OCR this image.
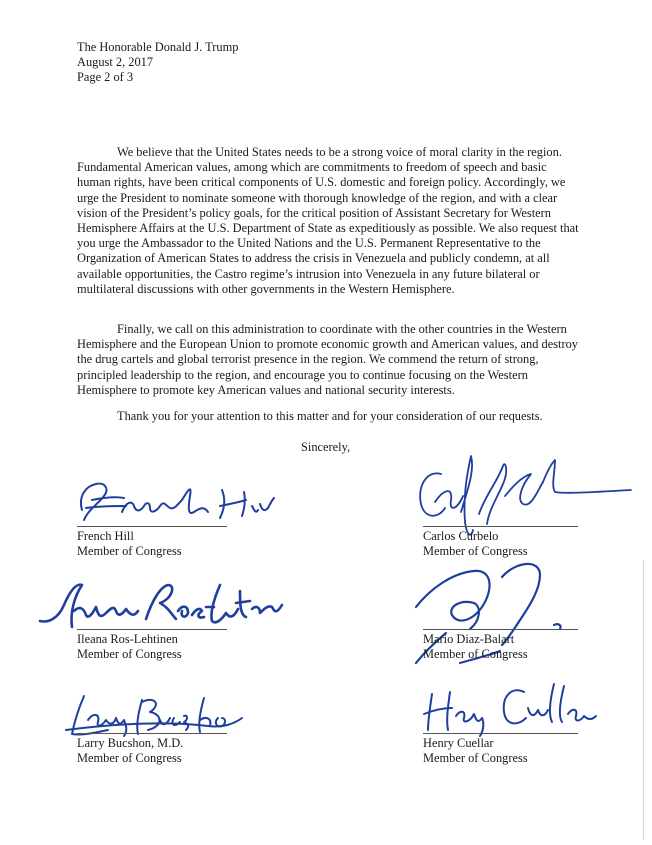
The Honorable Donald J. Trump
August 2, 2017
Page 2 of 3

We believe that the United States needs to be a strong voice of moral clarity in the region. Fundamental American values, among which are commitments to freedom of speech and basic human rights, have been critical components of U.S. domestic and foreign policy. Accordingly, we urge the President to nominate someone with thorough knowledge of the region, and with a clear vision of the President’s policy goals, for the critical position of Assistant Secretary for Western Hemisphere Affairs at the U.S. Department of State as expeditiously as possible. We also request that you urge the Ambassador to the United Nations and the U.S. Permanent Representative to the Organization of American States to address the crisis in Venezuela and publicly condemn, at all available opportunities, the Castro regime’s intrusion into Venezuela in any future bilateral or multilateral discussions with other governments in the Western Hemisphere.

Finally, we call on this administration to coordinate with the other countries in the Western Hemisphere and the European Union to promote economic growth and American values, and destroy the drug cartels and global terrorist presence in the region. We commend the return of strong, principled leadership to the region, and encourage you to continue focusing on the Western Hemisphere to promote key American values and national security interests.

Thank you for your attention to this matter and for your consideration of our requests.

Sincerely,
French Hill
Member of Congress
Carlos Curbelo
Member of Congress
Ileana Ros-Lehtinen
Member of Congress
Mario Diaz-Balart
Member of Congress
Larry Bucshon, M.D.
Member of Congress
Henry Cuellar
Member of Congress
